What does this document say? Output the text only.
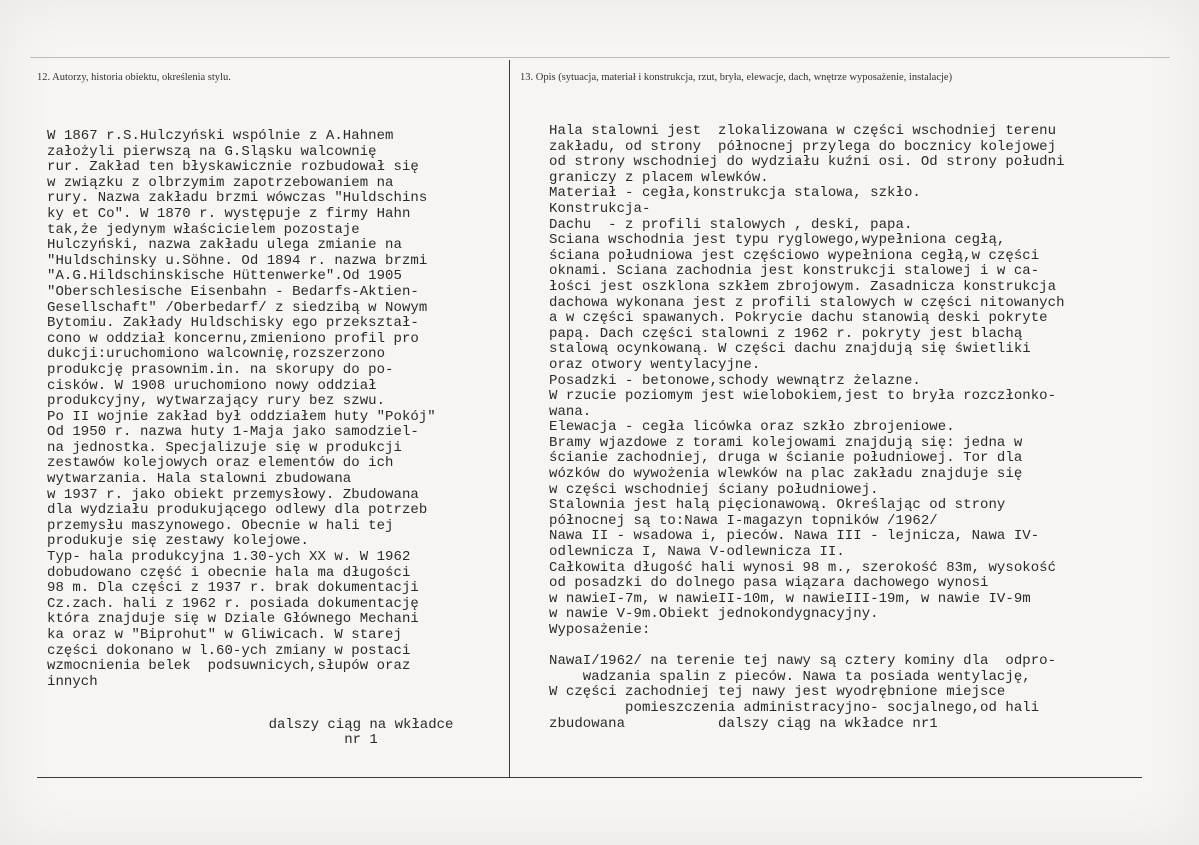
12. Autorzy, historia obiektu, określenia stylu.	13. Opis (sytuacja, materiał i konstrukcja, rzut, bryła, elewacje, dach, wnętrze wyposażenie, instalacje)
W 1867 r.S.Hulczyński wspólnie z A.Hahnem
założyli pierwszą na G.Sląsku walcownię
rur. Zakład ten błyskawicznie rozbudował się
w związku z olbrzymim zapotrzebowaniem na
rury. Nazwa zakładu brzmi wówczas "Huldschins
ky et Co". W 1870 r. występuje z firmy Hahn
tak,że jedynym właścicielem pozostaje
Hulczyński, nazwa zakładu ulega zmianie na
"Huldschinsky u.Söhne. Od 1894 r. nazwa brzmi
"A.G.Hildschinskische Hüttenwerke".Od 1905
"Oberschlesische Eisenbahn - Bedarfs-Aktien-
Gesellschaft" /Oberbedarf/ z siedzibą w Nowym
Bytomiu. Zakłady Huldschisky ego przekształ-
cono w oddział koncernu,zmieniono profil pro
dukcji:uruchomiono walcownię,rozszerzono
produkcję prasownim.in. na skorupy do po-
cisków. W 1908 uruchomiono nowy oddział
produkcyjny, wytwarzający rury bez szwu.
Po II wojnie zakład był oddziałem huty "Pokój"
Od 1950 r. nazwa huty 1-Maja jako samodziel-
na jednostka. Specjalizuje się w produkcji
zestawów kolejowych oraz elementów do ich
wytwarzania. Hala stalowni zbudowana
w 1937 r. jako obiekt przemysłowy. Zbudowana
dla wydziału produkującego odlewy dla potrzeb
przemysłu maszynowego. Obecnie w hali tej
produkuje się zestawy kolejowe.
Typ- hala produkcyjna 1.30-ych XX w. W 1962
dobudowano część i obecnie hala ma długości
98 m. Dla części z 1937 r. brak dokumentacji
Cz.zach. hali z 1962 r. posiada dokumentację
która znajduje się w Dziale Głównego Mechani
ka oraz w "Biprohut" w Gliwicach. W starej
części dokonano w l.60-ych zmiany w postaci
wzmocnienia belek  podsuwnicych,słupów oraz
innych
dalszy ciąg na wkładce
nr 1
Hala stalowni jest  zlokalizowana w części wschodniej terenu
zakładu, od strony  północnej przylega do bocznicy kolejowej
od strony wschodniej do wydziału kuźni osi. Od strony południ
graniczy z placem wlewków.
Materiał - cegła,konstrukcja stalowa, szkło.
Konstrukcja-
Dachu  - z profili stalowych , deski, papa.
Sciana wschodnia jest typu ryglowego,wypełniona cegłą,
ściana południowa jest częściowo wypełniona cegłą,w części
oknami. Sciana zachodnia jest konstrukcji stalowej i w ca-
łości jest oszklona szkłem zbrojowym. Zasadnicza konstrukcja
dachowa wykonana jest z profili stalowych w części nitowanych
a w części spawanych. Pokrycie dachu stanowią deski pokryte
papą. Dach części stalowni z 1962 r. pokryty jest blachą
stalową ocynkowaną. W części dachu znajdują się świetliki
oraz otwory wentylacyjne.
Posadzki - betonowe,schody wewnątrz żelazne.
W rzucie poziomym jest wielobokiem,jest to bryła rozczłonko-
wana.
Elewacja - cegła licówka oraz szkło zbrojeniowe.
Bramy wjazdowe z torami kolejowami znajdują się: jedna w
ścianie zachodniej, druga w ścianie południowej. Tor dla
wózków do wywożenia wlewków na plac zakładu znajduje się
w części wschodniej ściany południowej.
Stalownia jest halą pięcionawową. Określając od strony
północnej są to:Nawa I-magazyn topników /1962/
Nawa II - wsadowa i, pieców. Nawa III - lejnicza, Nawa IV-
odlewnicza I, Nawa V-odlewnicza II.
Całkowita długość hali wynosi 98 m., szerokość 83m, wysokość
od posadzki do dolnego pasa wiązara dachowego wynosi
w nawieI-7m, w nawieII-10m, w nawieIII-19m, w nawie IV-9m
w nawie V-9m.Obiekt jednokondygnacyjny.
Wyposażenie:
NawaI/1962/ na terenie tej nawy są cztery kominy dla  odpro-
wadzania spalin z pieców. Nawa ta posiada wentylację,
W części zachodniej tej nawy jest wyodrębnione miejsce
pomieszczenia administracyjno- socjalnego,od hali
zbudowana           dalszy ciąg na wkładce nr1
